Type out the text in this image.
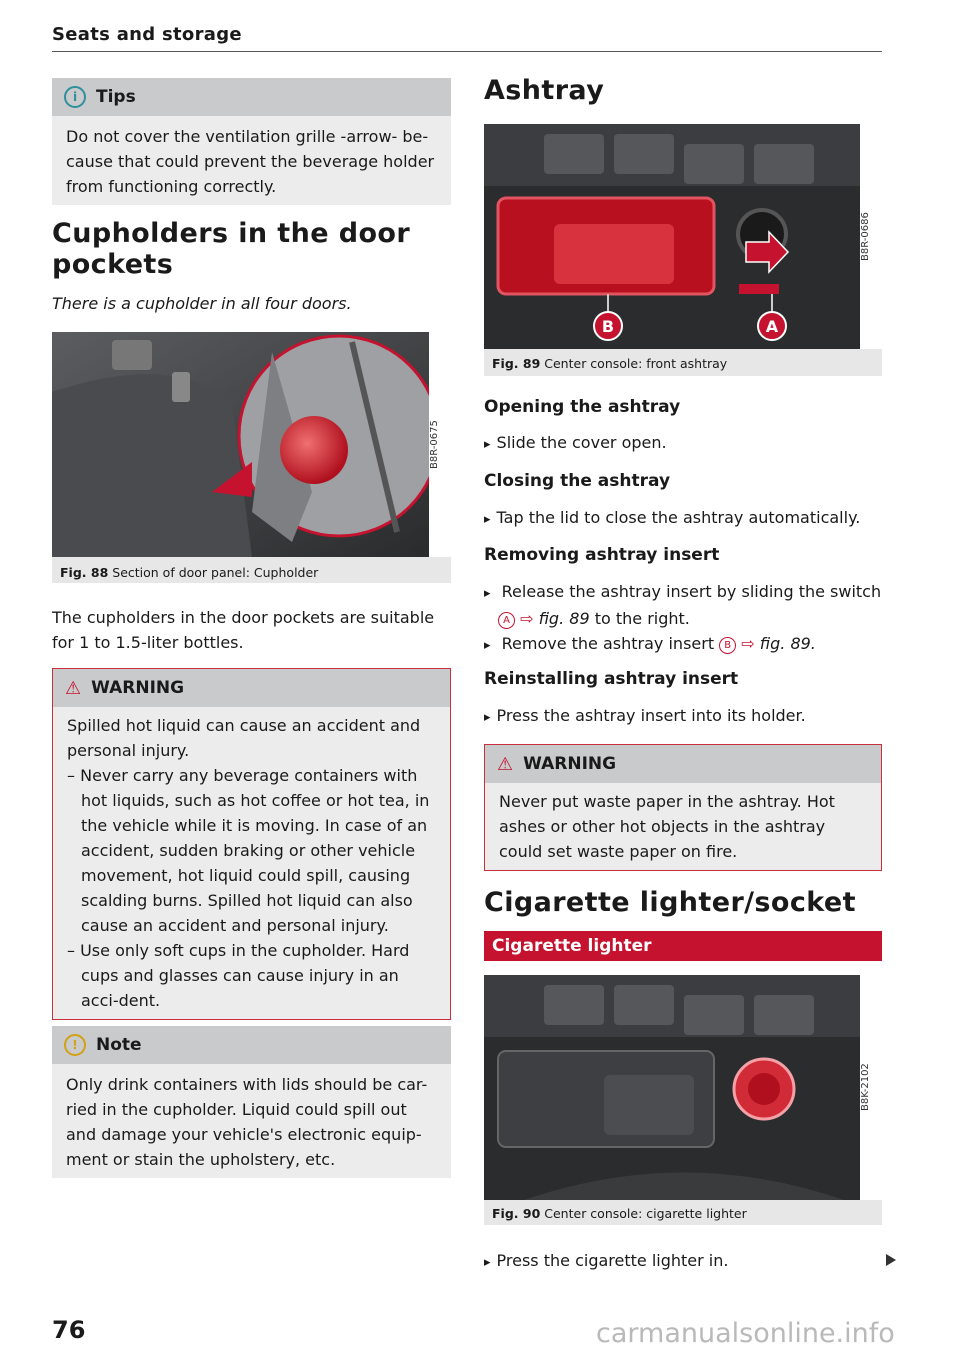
Seats and storage
i	Tips
Do not cover the ventilation grille -arrow- be-cause that could prevent the beverage holder from functioning correctly.
Cupholders in the door pockets
There is a cupholder in all four doors.
B8R-0675
Fig. 88 Section of door panel: Cupholder
The cupholders in the door pockets are suitable for 1 to 1.5-liter bottles.
⚠ WARNING
Spilled hot liquid can cause an accident and personal injury.
– Never carry any beverage containers with hot liquids, such as hot coffee or hot tea, in the vehicle while it is moving. In case of an accident, sudden braking or other vehicle movement, hot liquid could spill, causing scalding burns. Spilled hot liquid can also cause an accident and personal injury.
– Use only soft cups in the cupholder. Hard cups and glasses can cause injury in an acci-dent.
!	Note
Only drink containers with lids should be car-ried in the cupholder. Liquid could spill out and damage your vehicle's electronic equip-ment or stain the upholstery, etc.
Ashtray
B	A
B8R-0686
Fig. 89 Center console: front ashtray
Opening the ashtray
▸ Slide the cover open.
Closing the ashtray
▸ Tap the lid to close the ashtray automatically.
Removing ashtray insert
▸ Release the ashtray insert by sliding the switch
A ⇨ fig. 89 to the right.
▸ Remove the ashtray insert B ⇨ fig. 89.
Reinstalling ashtray insert
▸ Press the ashtray insert into its holder.
⚠ WARNING
Never put waste paper in the ashtray. Hot ashes or other hot objects in the ashtray could set waste paper on fire.
Cigarette lighter/socket
Cigarette lighter
B8K-2102
Fig. 90 Center console: cigarette lighter
▸ Press the cigarette lighter in.
76	carmanualsonline.info
